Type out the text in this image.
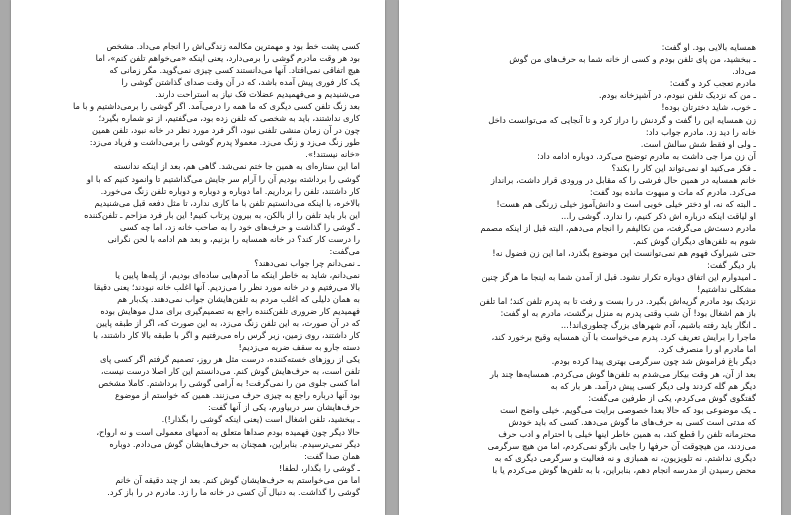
کسی پشت خط بود و مهمترین مکالمه زندگی‌اش را انجام می‌داد. مشخص
بود هر وقت مادرم گوشی را برمی‌دارد، یعنی اینکه «می‌خواهم تلفن کنم»، اما
هیچ اتفاقی نمی‌افتاد. آنها می‌دانستند کسی چیزی نمی‌گوید. مگر زمانی که
یک کار فوری پیش آمده باشد، که در آن وقت صدای گذاشتن گوشی را
می‌شنیدیم و می‌فهمیدیم عضلات فک نیاز به استراحت دارند.
بعد زنگ تلفن کسی دیگری که ما همه را درمی‌آمد. اگر گوشی را برمی‌داشتیم و با ما
کاری نداشتند، باید به شخصی که تلفن زده بود، می‌گفتیم، از تو شماره بگیرد؛
چون در آن زمان منشی تلفنی نبود، اگر فرد مورد نظر در خانه نبود، تلفن همین
طور زنگ می‌زد و زنگ می‌زد. معمولا پدرم گوشی را برمی‌داشت و فریاد می‌زد:
«خانه نیستند!».
اما این ستاره‌ای به همین جا ختم نمی‌شد. گاهی هم، بعد از اینکه ندانسته
گوشی را برداشته بودیم آن را آرام سر جایش می‌گذاشتیم تا وانمود کنیم که با او
کار داشتند، تلفن را برداریم. اما دوباره و دوباره و دوباره تلفن زنگ می‌خورد.
بالاخره، با اینکه می‌دانستیم تلفن با ما کاری ندارد، تا مثل دفعه قبل می‌شنیدیم
این بار باید تلفن را از بالکن، به بیرون پرتاب کنیم! این بار فرد مزاحم ـ تلفن‌کننده
ـ گوشی را گذاشت و حرف‌های خود را به صاحب خانه زد، اما چه کسی
را درست کار کند؟ در خانه همسایه را بزنیم، و بعد هم ادامه با لحن نگرانی
می‌گفت:
ـ نمی‌دانم چرا جواب نمی‌دهند؟
نمی‌دانم، شاید به خاطر اینکه ما آدم‌هایی ساده‌ای بودیم، از پله‌ها پایین یا
بالا می‌رفتیم و در خانه مورد نظر را می‌زدیم. آنها اغلب خانه نبودند؛ یعنی دقیقا
به همان دلیلی که اغلب مردم به تلفن‌هایشان جواب نمی‌دهند. یک‌بار هم
فهمیدیم کار ضروری تلفن‌کننده راجع به تصمیم‌گیری برای مدل موهایش بوده
که در آن صورت، به این تلفن زنگ می‌زد، به این صورت که، اگر از طبقه پایین
کار داشتند، روی زمین، زبر گرس راه می‌رفتیم و اگر با طبقه بالا کار داشتند، با
دسته جارو به سقف ضربه می‌زدیم!
یکی از روزهای خسته‌کننده، درست مثل هر روز، تصمیم گرفتم اگر کسی پای
تلفن است، به حرف‌هایش گوش کنم. می‌دانستم این کار اصلا درست نیست،
اما کسی جلوی من را نمی‌گرفت! به آرامی گوشی را برداشتم. کاملا مشخص
بود آنها درباره راجع به چیزی حرف می‌زنند. همین که خواستم از موضوع
حرف‌هایشان سر دربیاورم، یکی از آنها گفت:
ـ ببخشید، تلفن اشغال است (یعنی اینکه گوشی را بگذار!).
حالا دیگر چون فهمیده بودم صداها متعلق به آدمهای معمولی است و نه ارواح،
دیگر نمی‌ترسیدم. بنابراین، همچنان به حرف‌هایشان گوش می‌دادم. دوباره
همان صدا گفت:
ـ گوشی را بگذار، لطفا!
اما من می‌خواستم به حرف‌هایشان گوش کنم. بعد از چند دقیقه آن خانم
گوشی را گذاشت. به دنبال آن کسی در خانه ما را زد. مادرم در را باز کرد.
همسایه بالایی بود. او گفت:
ـ ببخشید، من پای تلفن بودم و کسی از خانه شما به حرف‌های من گوش
می‌داد.
مادرم تعجب کرد و گفت:
ـ من که نزدیک تلفن نبودم، در آشپزخانه بودم.
ـ خوب، شاید دخترتان بوده!
زن همسایه این را گفت و گردنش را دراز کرد و تا آنجایی که می‌توانست داخل
خانه را دید زد. مادرم جواب داد:
ـ ولی او فقط شش سالش است.
آن زن مرا جی داشت به مادرم توضیح می‌کرد. دوباره ادامه داد:
ـ فکر می‌کنید او نمی‌تواند این کار را بکند؟
خانم همسایه در همین حال فرشی را که مقابل در ورودی قرار داشت، برانداز
می‌کرد. مادرم که مات و مبهوت مانده بود گفت:
ـ البته که نه، او دختر خیلی خوبی است و دانش‌آموز خیلی زرنگی هم هست!
او لیاقت اینکه درباره اش ذکر کنیم، را ندارد. گوشی را...
مادرم دست‌ش می‌گرفت، من نکالیفم را انجام می‌دهم، البته قبل از اینکه مصمم
شوم به تلفن‌های دیگران گوش کنم.
حتی شیراوک فهوم هم نمی‌توانست این موضوع بگذرد، اما این زن فضول نه!
بار دیگر گفت:
ـ امیدوارم این اتفاق دوباره تکرار نشود. قبل از آمدن شما به اینجا ما هرگز چنین
مشکلی نداشتیم!
نزدیک بود مادرم گریه‌اش بگیرد. در را بست و رفت تا به پدرم تلفن کند؛ اما تلفن
باز هم اشغال بود! آن شب وقتی پدرم به منزل برگشت، مادرم به او گفت:
ـ انگار باید رفته باشیم، آدم شهرهای بزرگ چطوری‌اند!...
ماجرا را برایش تعریف کرد. پدرم می‌خواست با آن همسایه وقیح برخورد کند،
اما مادرم او را منصرف کرد.
دیگر باغ فراموش شد چون سرگرمی بهتری پیدا کرده بودم.
بعد از آن، هر وقت بیکار می‌شدم به تلفن‌ها گوش می‌کردم. همسایه‌ها چند بار
دیگر هم گله کردند ولی دیگر کسی پیش درآمد. هر بار که به
گفتگوی گوش می‌کردم، یکی از طرفین می‌گفت:
ـ یک موضوعی بود که حالا بعدا خصوصی برایت می‌گویم. خیلی واضح است
که مدتی است کسی به حرف‌های ما گوش می‌دهد. کسی که باید خودش
محترمانه تلفن را قطع کند، به همین خاطر اینها خیلی با احترام و ادب حرف
می‌زدند، من هیچوقت آن حرفها را جایی بازگو نمی‌کردم، اما من هیچ سرگرمی
دیگری نداشتم. نه تلویزیون، نه همبازی و نه فعالیت و سرگرمی دیگری که به
محض رسیدن از مدرسه انجام دهم، بنابراین، با به تلفن‌ها گوش می‌کردم یا با
